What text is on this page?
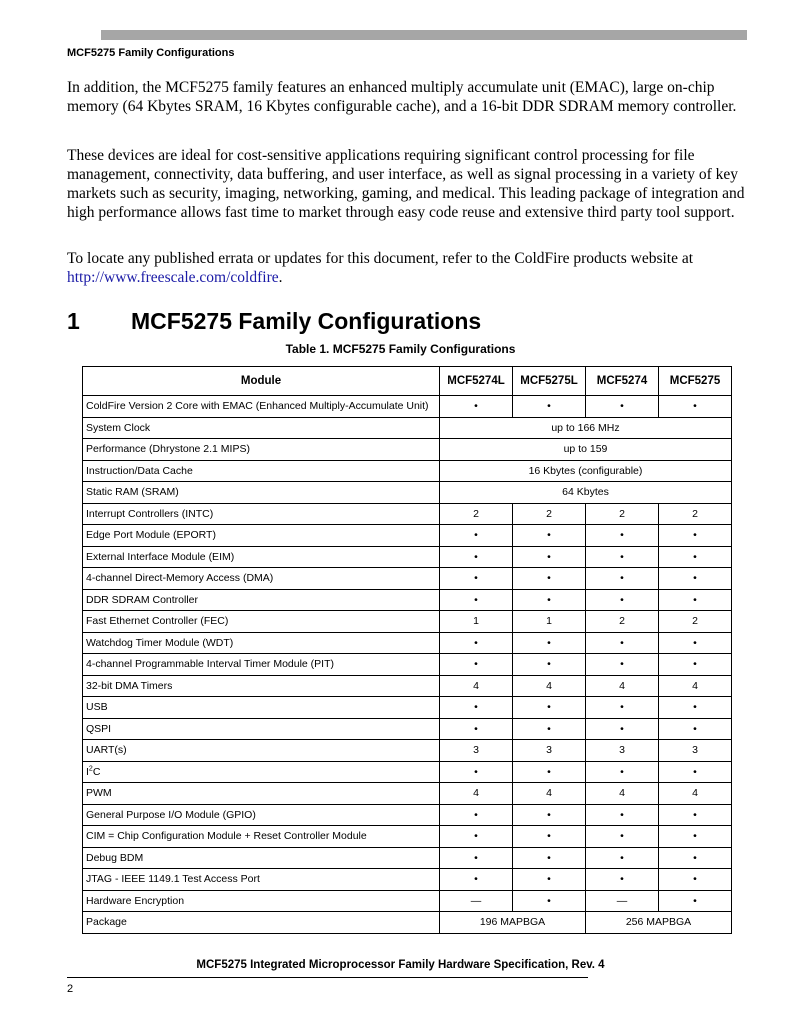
MCF5275 Family Configurations

In addition, the MCF5275 family features an enhanced multiply accumulate unit (EMAC), large on-chip memory (64 Kbytes SRAM, 16 Kbytes configurable cache), and a 16-bit DDR SDRAM memory controller.

These devices are ideal for cost-sensitive applications requiring significant control processing for file management, connectivity, data buffering, and user interface, as well as signal processing in a variety of key markets such as security, imaging, networking, gaming, and medical. This leading package of integration and high performance allows fast time to market through easy code reuse and extensive third party tool support.

To locate any published errata or updates for this document, refer to the ColdFire products website at http://www.freescale.com/coldfire.

1 MCF5275 Family Configurations
Table 1. MCF5275 Family Configurations
Module	MCF5274L	MCF5275L	MCF5274	MCF5275
ColdFire Version 2 Core with EMAC (Enhanced Multiply-Accumulate Unit)	•	•	•	•
System Clock	up to 166 MHz			
Performance (Dhrystone 2.1 MIPS)	up to 159			
Instruction/Data Cache	16 Kbytes (configurable)			
Static RAM (SRAM)	64 Kbytes			
Interrupt Controllers (INTC)	2	2	2	2
Edge Port Module (EPORT)	•	•	•	•
External Interface Module (EIM)	•	•	•	•
4-channel Direct-Memory Access (DMA)	•	•	•	•
DDR SDRAM Controller	•	•	•	•
Fast Ethernet Controller (FEC)	1	1	2	2
Watchdog Timer Module (WDT)	•	•	•	•
4-channel Programmable Interval Timer Module (PIT)	•	•	•	•
32-bit DMA Timers	4	4	4	4
USB	•	•	•	•
QSPI	•	•	•	•
UART(s)	3	3	3	3
$I^2C$	•	•	•	•
PWM	4	4	4	4
General Purpose I/O Module (GPIO)	•	•	•	•
CIM = Chip Configuration Module + Reset Controller Module	•	•	•	•
Debug BDM	•	•	•	•
JTAG - IEEE 1149.1 Test Access Port	•	•	•	•
Hardware Encryption	—	•	—	•
Package	196 MAPBGA		256 MAPBGA	
MCF5275 Integrated Microprocessor Family Hardware Specification, Rev. 4
2
